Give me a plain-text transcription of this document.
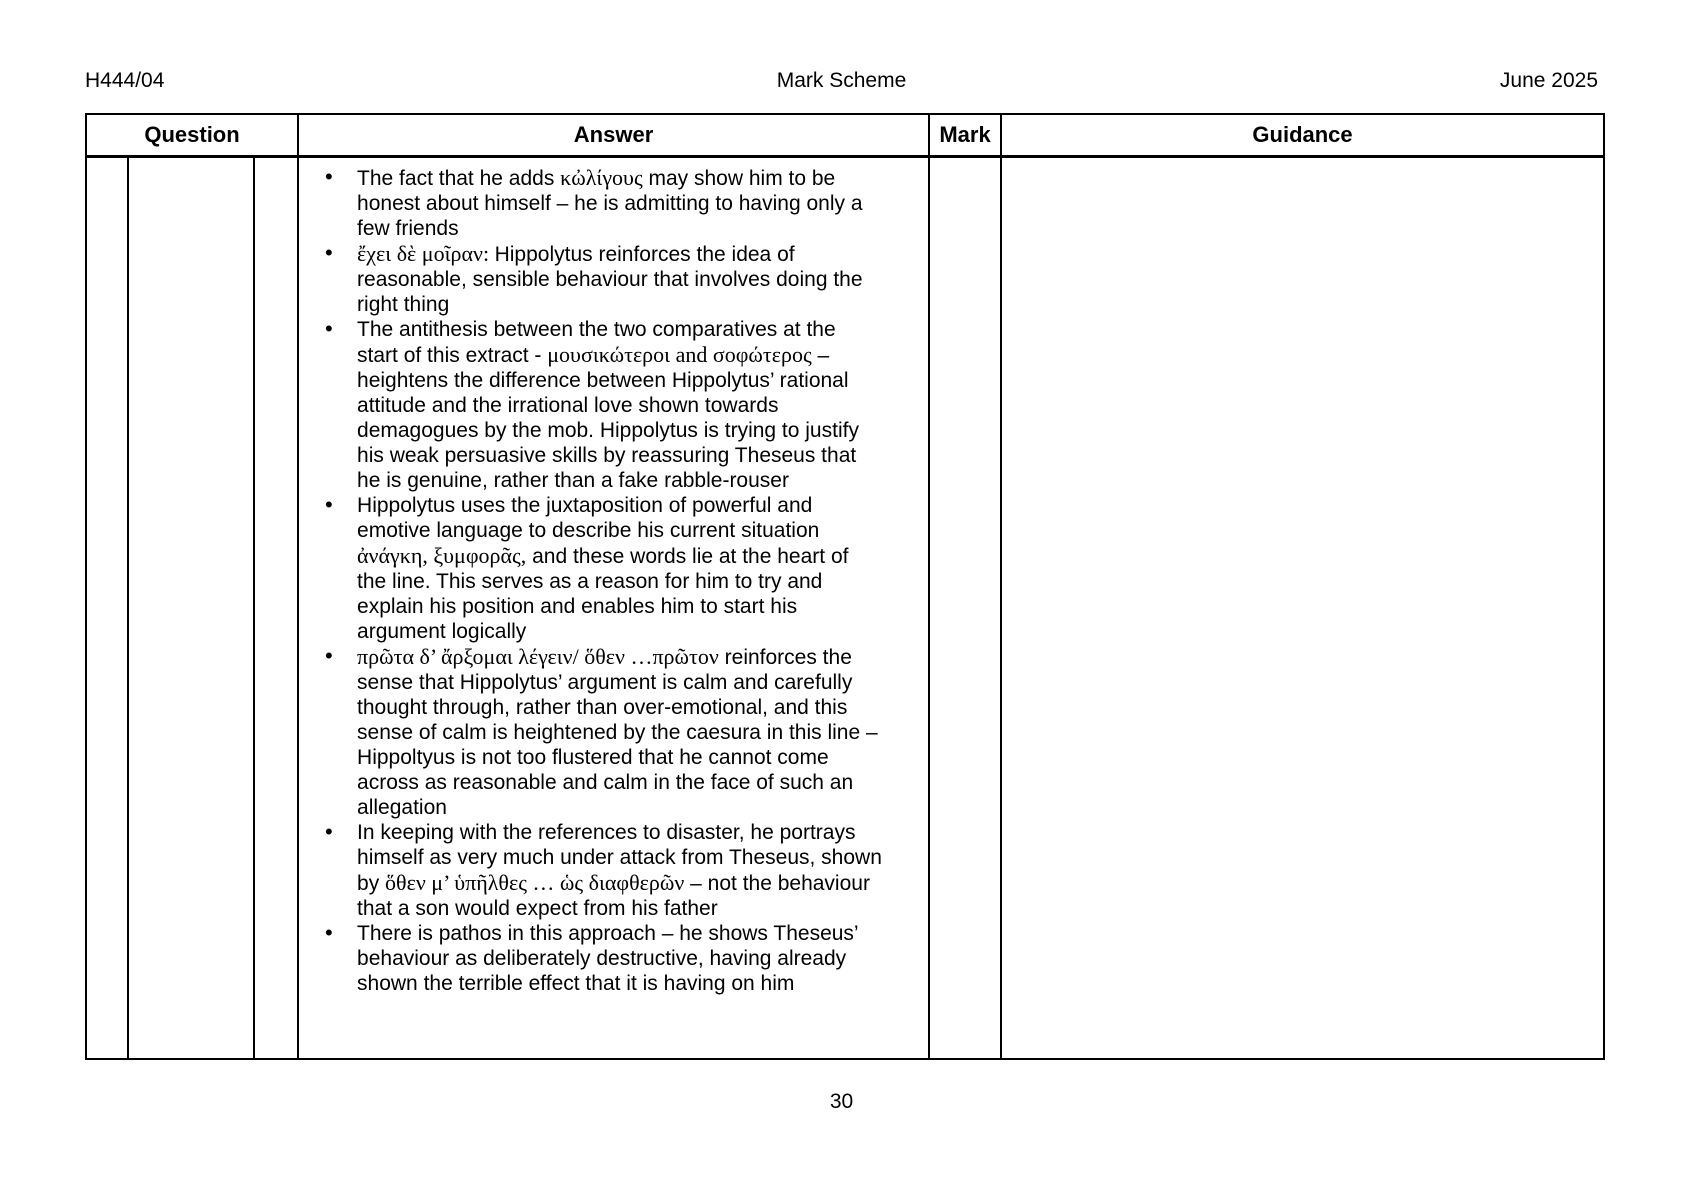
H444/04	Mark Scheme	June 2025
Question			Answer	Mark	Guidance

• The fact that he adds κὠλίγους may show him to be honest about himself – he is admitting to having only a few friends
• ἔχει δὲ μοῖραν: Hippolytus reinforces the idea of reasonable, sensible behaviour that involves doing the right thing
• The antithesis between the two comparatives at the start of this extract - μουσικώτεροι and σοφώτερος – heightens the difference between Hippolytus’ rational attitude and the irrational love shown towards demagogues by the mob. Hippolytus is trying to justify his weak persuasive skills by reassuring Theseus that he is genuine, rather than a fake rabble-rouser
• Hippolytus uses the juxtaposition of powerful and emotive language to describe his current situation ἀνάγκη, ξυμφορᾶς, and these words lie at the heart of the line. This serves as a reason for him to try and explain his position and enables him to start his argument logically
• πρῶτα δ’ ἄρξομαι λέγειν/ ὅθεν …πρῶτον reinforces the sense that Hippolytus’ argument is calm and carefully thought through, rather than over-emotional, and this sense of calm is heightened by the caesura in this line – Hippoltyus is not too flustered that he cannot come across as reasonable and calm in the face of such an allegation
• In keeping with the references to disaster, he portrays himself as very much under attack from Theseus, shown by ὅθεν μ’ ὑπῆλθες … ὡς διαφθερῶν – not the behaviour that a son would expect from his father
• There is pathos in this approach – he shows Theseus’ behaviour as deliberately destructive, having already shown the terrible effect that it is having on him

30
